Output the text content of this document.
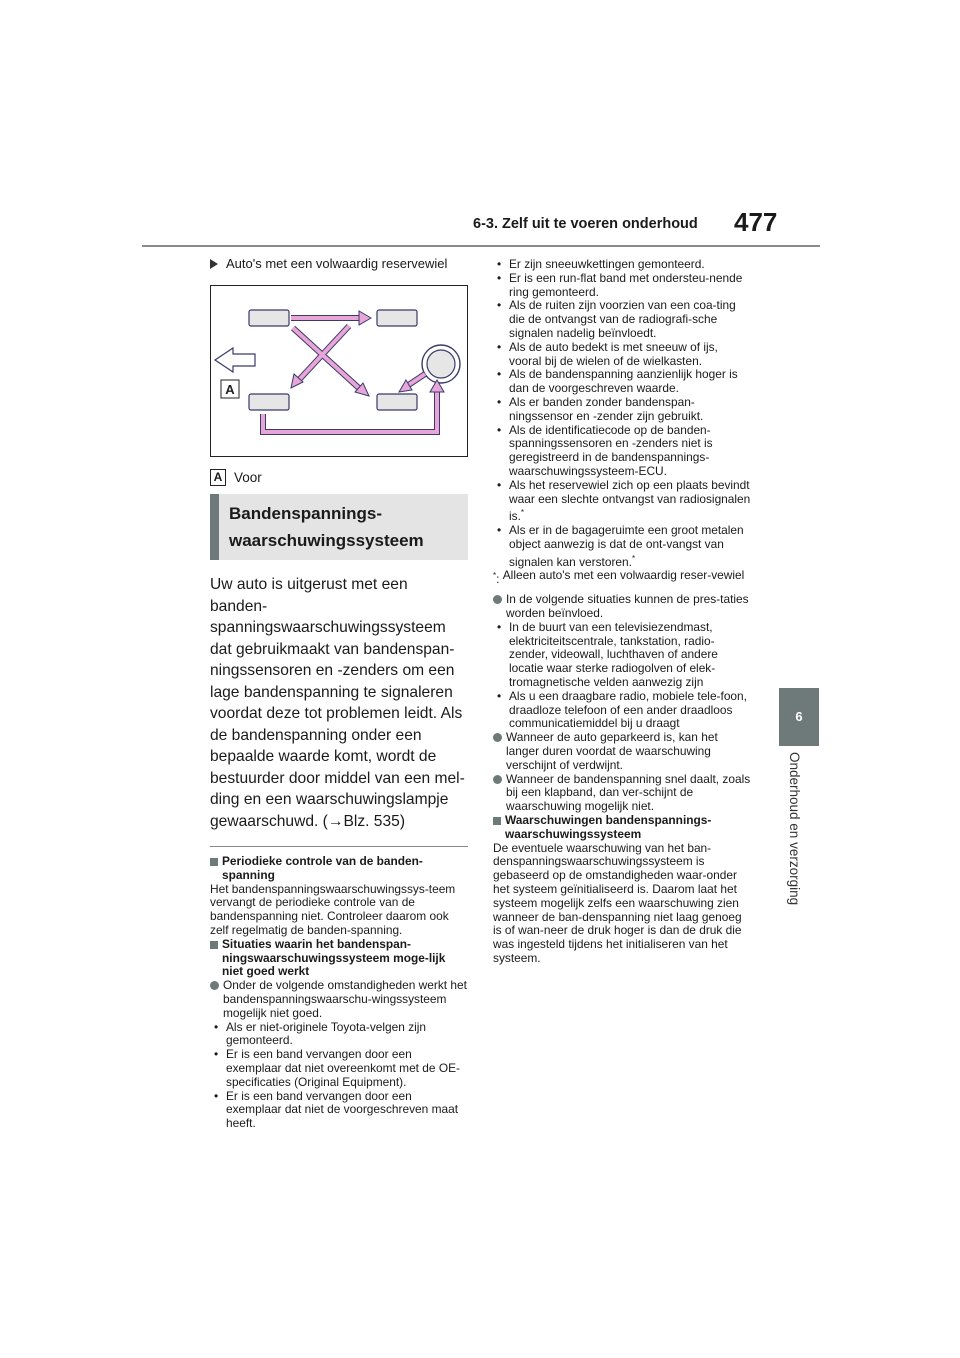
6-3. Zelf uit te voeren onderhoud 477
6
Onderhoud en verzorging
Auto's met een volwaardig reservewiel
A
A Voor
Bandenspannings-waarschuwingssysteem
Uw auto is uitgerust met een banden-spanningswaarschuwingssysteem dat gebruikmaakt van bandenspan-ningssensoren en -zenders om een lage bandenspanning te signaleren voordat deze tot problemen leidt. Als de bandenspanning onder een bepaalde waarde komt, wordt de bestuurder door middel van een mel-ding en een waarschuwingslampje gewaarschuwd. (→Blz. 535)
Periodieke controle van de banden-spanning
Het bandenspanningswaarschuwingssys-teem vervangt de periodieke controle van de bandenspanning niet. Controleer daarom ook zelf regelmatig de banden-spanning.
Situaties waarin het bandenspan-ningswaarschuwingssysteem moge-lijk niet goed werkt
Onder de volgende omstandigheden werkt het bandenspanningswaarschu-wingssysteem mogelijk niet goed.
• Als er niet-originele Toyota-velgen zijn gemonteerd.
• Er is een band vervangen door een exemplaar dat niet overeenkomt met de OE-specificaties (Original Equipment).
• Er is een band vervangen door een exemplaar dat niet de voorgeschreven maat heeft.
• Er zijn sneeuwkettingen gemonteerd.
• Er is een run-flat band met ondersteu-nende ring gemonteerd.
• Als de ruiten zijn voorzien van een coa-ting die de ontvangst van de radiografi-sche signalen nadelig beïnvloedt.
• Als de auto bedekt is met sneeuw of ijs, vooral bij de wielen of de wielkasten.
• Als de bandenspanning aanzienlijk hoger is dan de voorgeschreven waarde.
• Als er banden zonder bandenspan-ningssensor en -zender zijn gebruikt.
• Als de identificatiecode op de banden-spanningssensoren en -zenders niet is geregistreerd in de bandenspannings-waarschuwingssysteem-ECU.
• Als het reservewiel zich op een plaats bevindt waar een slechte ontvangst van radiosignalen is.*
• Als er in de bagageruimte een groot metalen object aanwezig is dat de ont-vangst van signalen kan verstoren.*
*: Alleen auto's met een volwaardig reser-vewiel
In de volgende situaties kunnen de pres-taties worden beïnvloed.
• In de buurt van een televisiezendmast, elektriciteitscentrale, tankstation, radio-zender, videowall, luchthaven of andere locatie waar sterke radiogolven of elek-tromagnetische velden aanwezig zijn
• Als u een draagbare radio, mobiele tele-foon, draadloze telefoon of een ander draadloos communicatiemiddel bij u draagt
Wanneer de auto geparkeerd is, kan het langer duren voordat de waarschuwing verschijnt of verdwijnt.
Wanneer de bandenspanning snel daalt, zoals bij een klapband, dan ver-schijnt de waarschuwing mogelijk niet.
Waarschuwingen bandenspannings-waarschuwingssysteem
De eventuele waarschuwing van het ban-denspanningswaarschuwingssysteem is gebaseerd op de omstandigheden waar-onder het systeem geïnitialiseerd is. Daarom laat het systeem mogelijk zelfs een waarschuwing zien wanneer de ban-denspanning niet laag genoeg is of wan-neer de druk hoger is dan de druk die was ingesteld tijdens het initialiseren van het systeem.
